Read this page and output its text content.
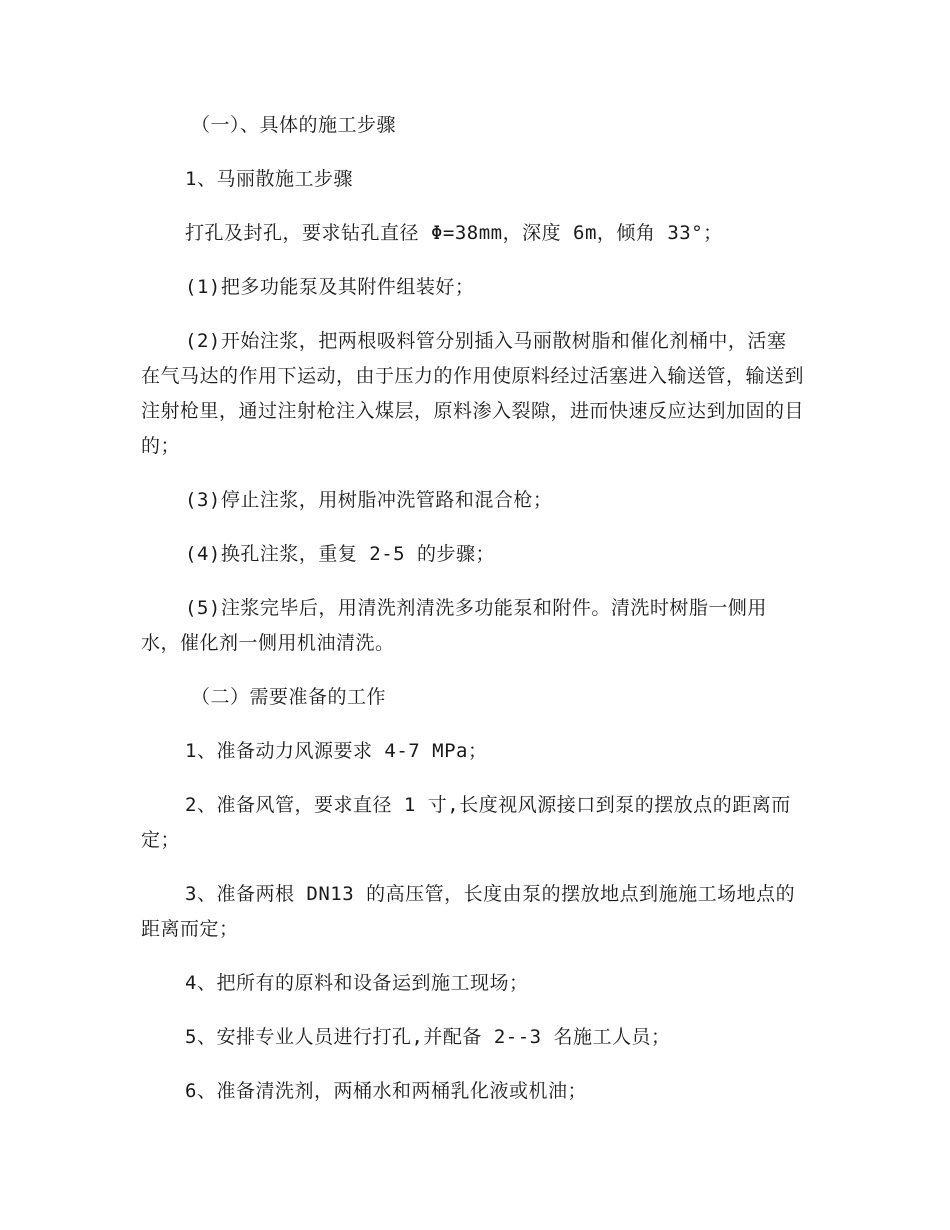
（一）、具体的施工步骤

1、马丽散施工步骤

打孔及封孔，要求钻孔直径 Φ=38mm，深度 6m，倾角 33°；

(1)把多功能泵及其附件组装好；

(2)开始注浆，把两根吸料管分别插入马丽散树脂和催化剂桶中，活塞在气马达的作用下运动，由于压力的作用使原料经过活塞进入输送管，输送到注射枪里，通过注射枪注入煤层，原料渗入裂隙，进而快速反应达到加固的目的；

(3)停止注浆，用树脂冲洗管路和混合枪；

(4)换孔注浆，重复 2-5 的步骤；

(5)注浆完毕后，用清洗剂清洗多功能泵和附件。清洗时树脂一侧用水，催化剂一侧用机油清洗。

（二）需要准备的工作

1、准备动力风源要求 4-7 MPa；

2、准备风管，要求直径 1 寸,长度视风源接口到泵的摆放点的距离而定；

3、准备两根 DN13 的高压管，长度由泵的摆放地点到施施工场地点的距离而定；

4、把所有的原料和设备运到施工现场；

5、安排专业人员进行打孔,并配备 2--3 名施工人员；

6、准备清洗剂，两桶水和两桶乳化液或机油；
